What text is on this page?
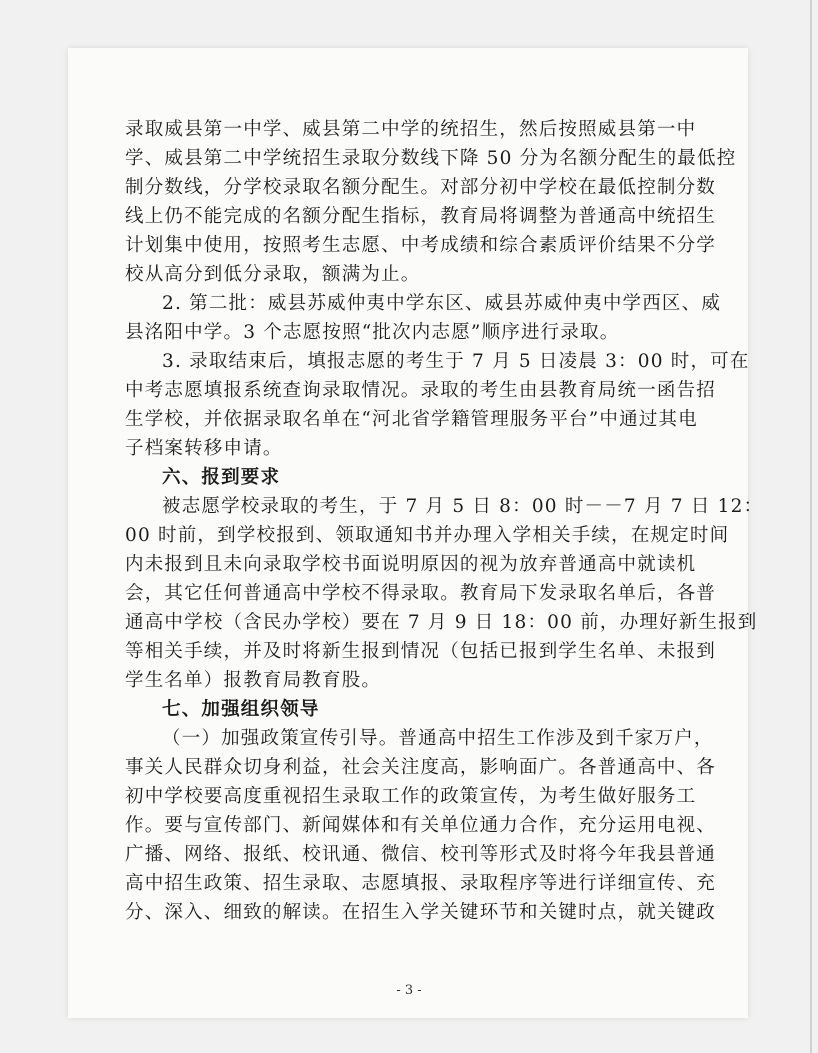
录取威县第一中学、威县第二中学的统招生，然后按照威县第一中
学、威县第二中学统招生录取分数线下降 50 分为名额分配生的最低控
制分数线，分学校录取名额分配生。对部分初中学校在最低控制分数
线上仍不能完成的名额分配生指标，教育局将调整为普通高中统招生
计划集中使用，按照考生志愿、中考成绩和综合素质评价结果不分学
校从高分到低分录取，额满为止。
2. 第二批：威县苏威仲夷中学东区、威县苏威仲夷中学西区、威
县洺阳中学。3 个志愿按照“批次内志愿”顺序进行录取。
3. 录取结束后，填报志愿的考生于 7 月 5 日凌晨 3：00 时，可在
中考志愿填报系统查询录取情况。录取的考生由县教育局统一函告招
生学校，并依据录取名单在“河北省学籍管理服务平台”中通过其电
子档案转移申请。
六、报到要求
被志愿学校录取的考生，于 7 月 5 日 8：00 时－－7 月 7 日 12：
00 时前，到学校报到、领取通知书并办理入学相关手续，在规定时间
内未报到且未向录取学校书面说明原因的视为放弃普通高中就读机
会，其它任何普通高中学校不得录取。教育局下发录取名单后，各普
通高中学校（含民办学校）要在 7 月 9 日 18：00 前，办理好新生报到
等相关手续，并及时将新生报到情况（包括已报到学生名单、未报到
学生名单）报教育局教育股。
七、加强组织领导
（一）加强政策宣传引导。普通高中招生工作涉及到千家万户，
事关人民群众切身利益，社会关注度高，影响面广。各普通高中、各
初中学校要高度重视招生录取工作的政策宣传，为考生做好服务工
作。要与宣传部门、新闻媒体和有关单位通力合作，充分运用电视、
广播、网络、报纸、校讯通、微信、校刊等形式及时将今年我县普通
高中招生政策、招生录取、志愿填报、录取程序等进行详细宣传、充
分、深入、细致的解读。在招生入学关键环节和关键时点，就关键政
- 3 -
